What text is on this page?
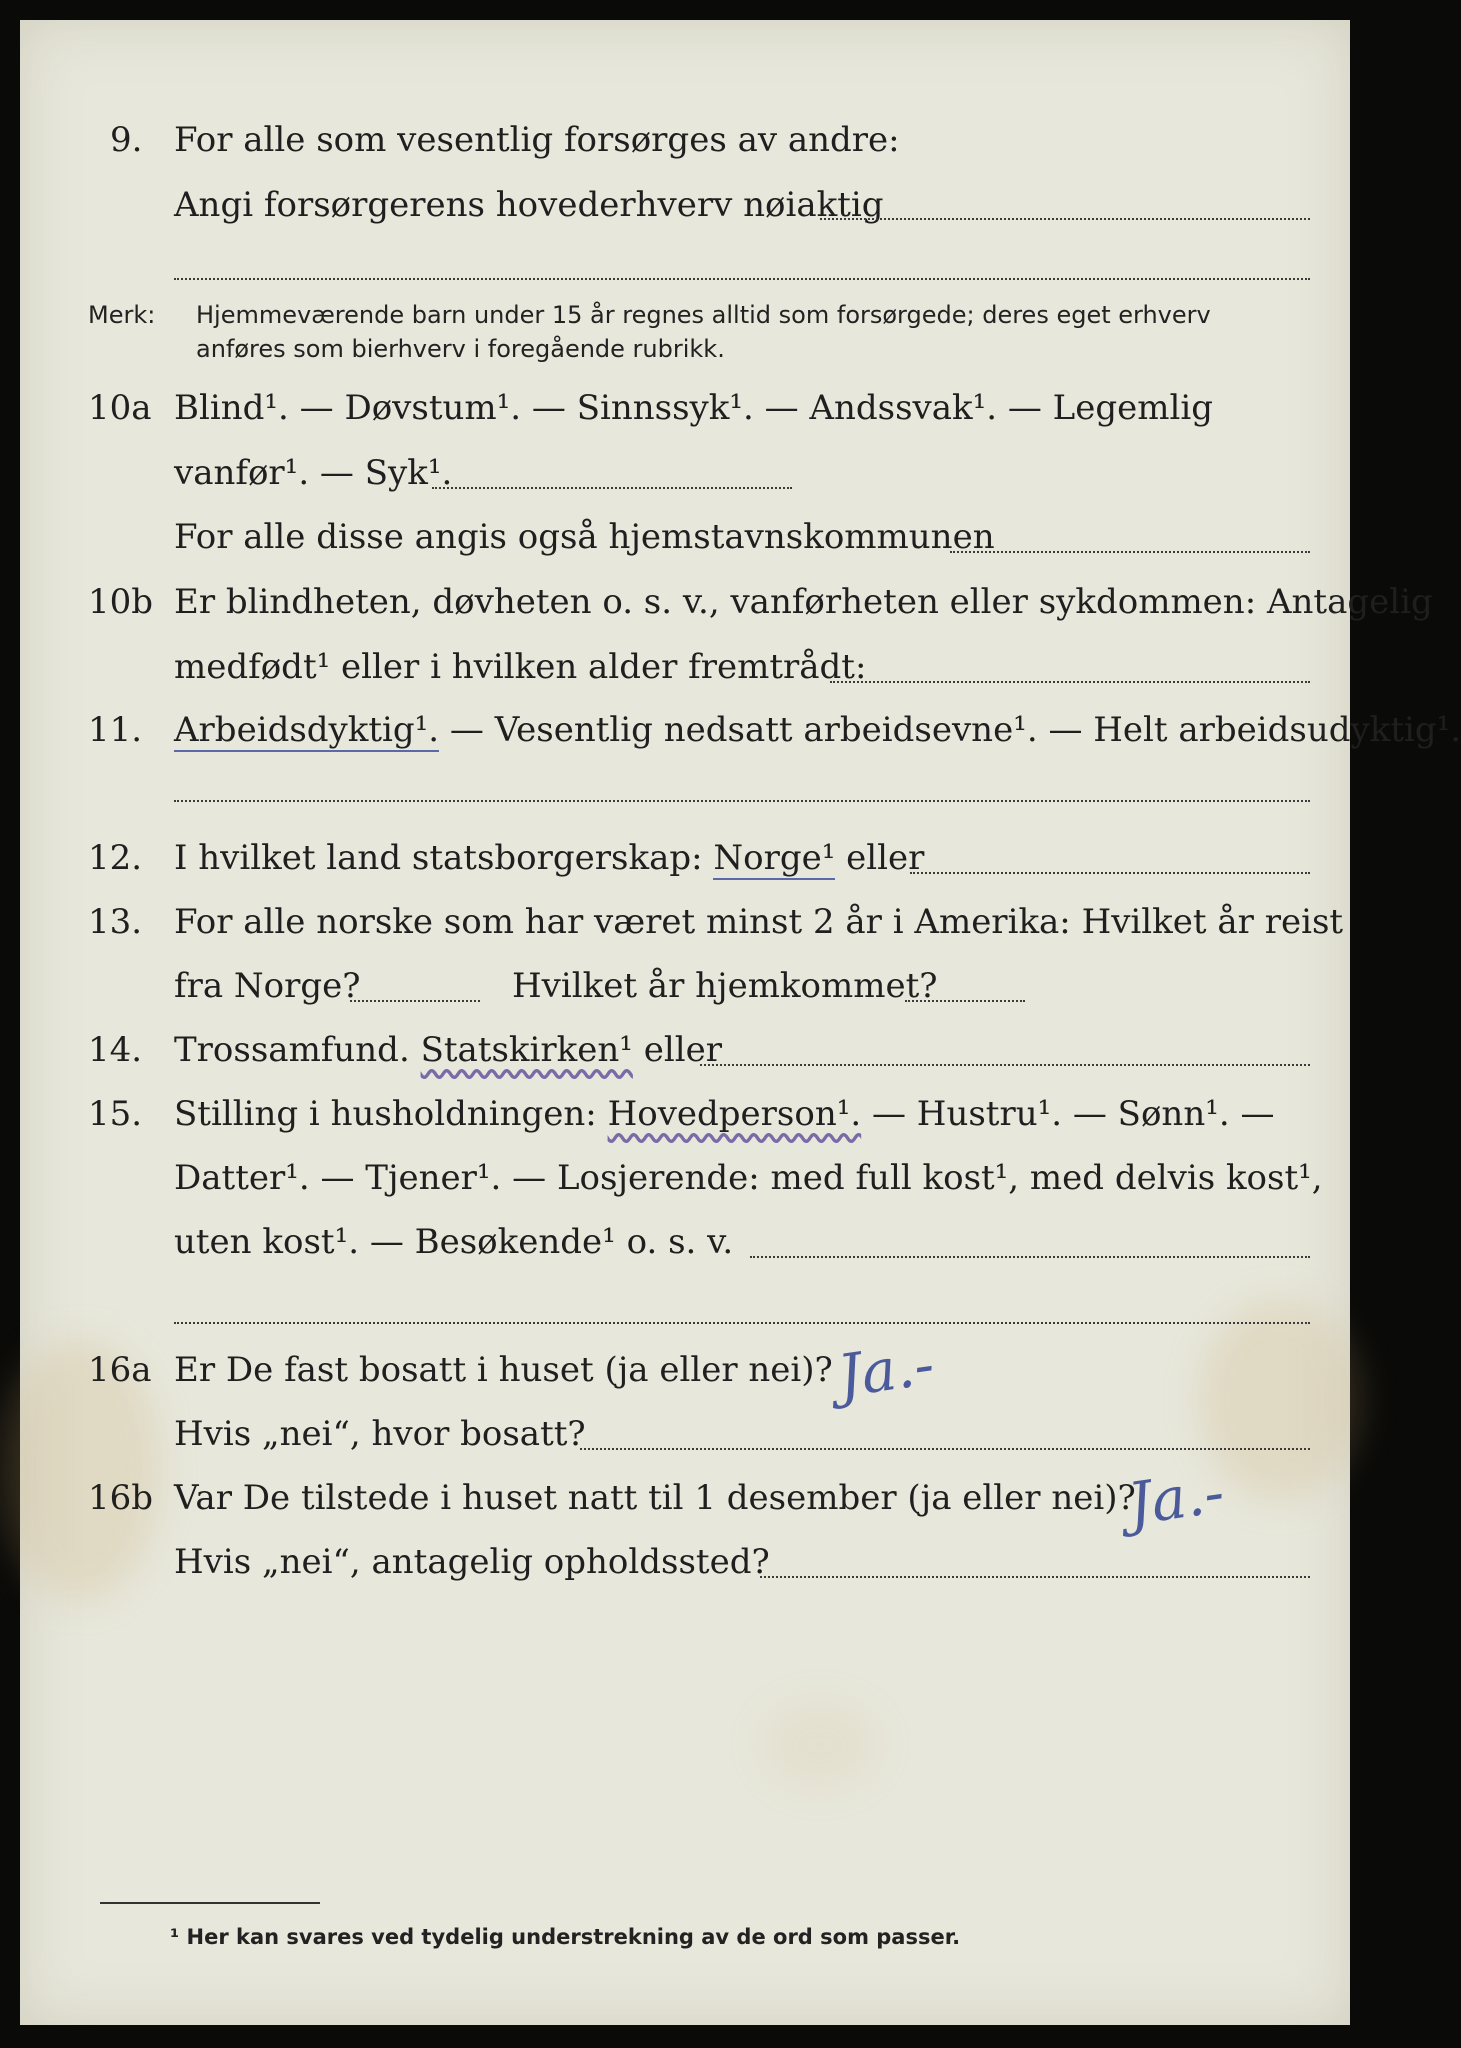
9. For alle som vesentlig forsørges av andre:
Angi forsørgerens hovederhverv nøiaktig
Merk: Hjemmeværende barn under 15 år regnes alltid som forsørgede; deres eget erhverv
anføres som bierhverv i foregående rubrikk.
10a Blind¹. — Døvstum¹. — Sinnssyk¹. — Andssvak¹. — Legemlig
vanfør¹. — Syk¹.
For alle disse angis også hjemstavnskommunen
10b Er blindheten, døvheten o. s. v., vanførheten eller sykdommen: Antagelig
medfødt¹ eller i hvilken alder fremtrådt:
11. Arbeidsdyktig¹. — Vesentlig nedsatt arbeidsevne¹. — Helt arbeidsudyktig¹.
12. I hvilket land statsborgerskap: Norge¹ eller
13. For alle norske som har været minst 2 år i Amerika: Hvilket år reist
fra Norge?	Hvilket år hjemkommet?
14. Trossamfund. Statskirken¹ eller
15. Stilling i husholdningen: Hovedperson¹. — Hustru¹. — Sønn¹. —
Datter¹. — Tjener¹. — Losjerende: med full kost¹, med delvis kost¹,
uten kost¹. — Besøkende¹ o. s. v.
16a Er De fast bosatt i huset (ja eller nei)? Ja.-
Hvis „nei“, hvor bosatt?
16b Var De tilstede i huset natt til 1 desember (ja eller nei)?
Ja.-
Hvis „nei“, antagelig opholdssted?
¹ Her kan svares ved tydelig understrekning av de ord som passer.
